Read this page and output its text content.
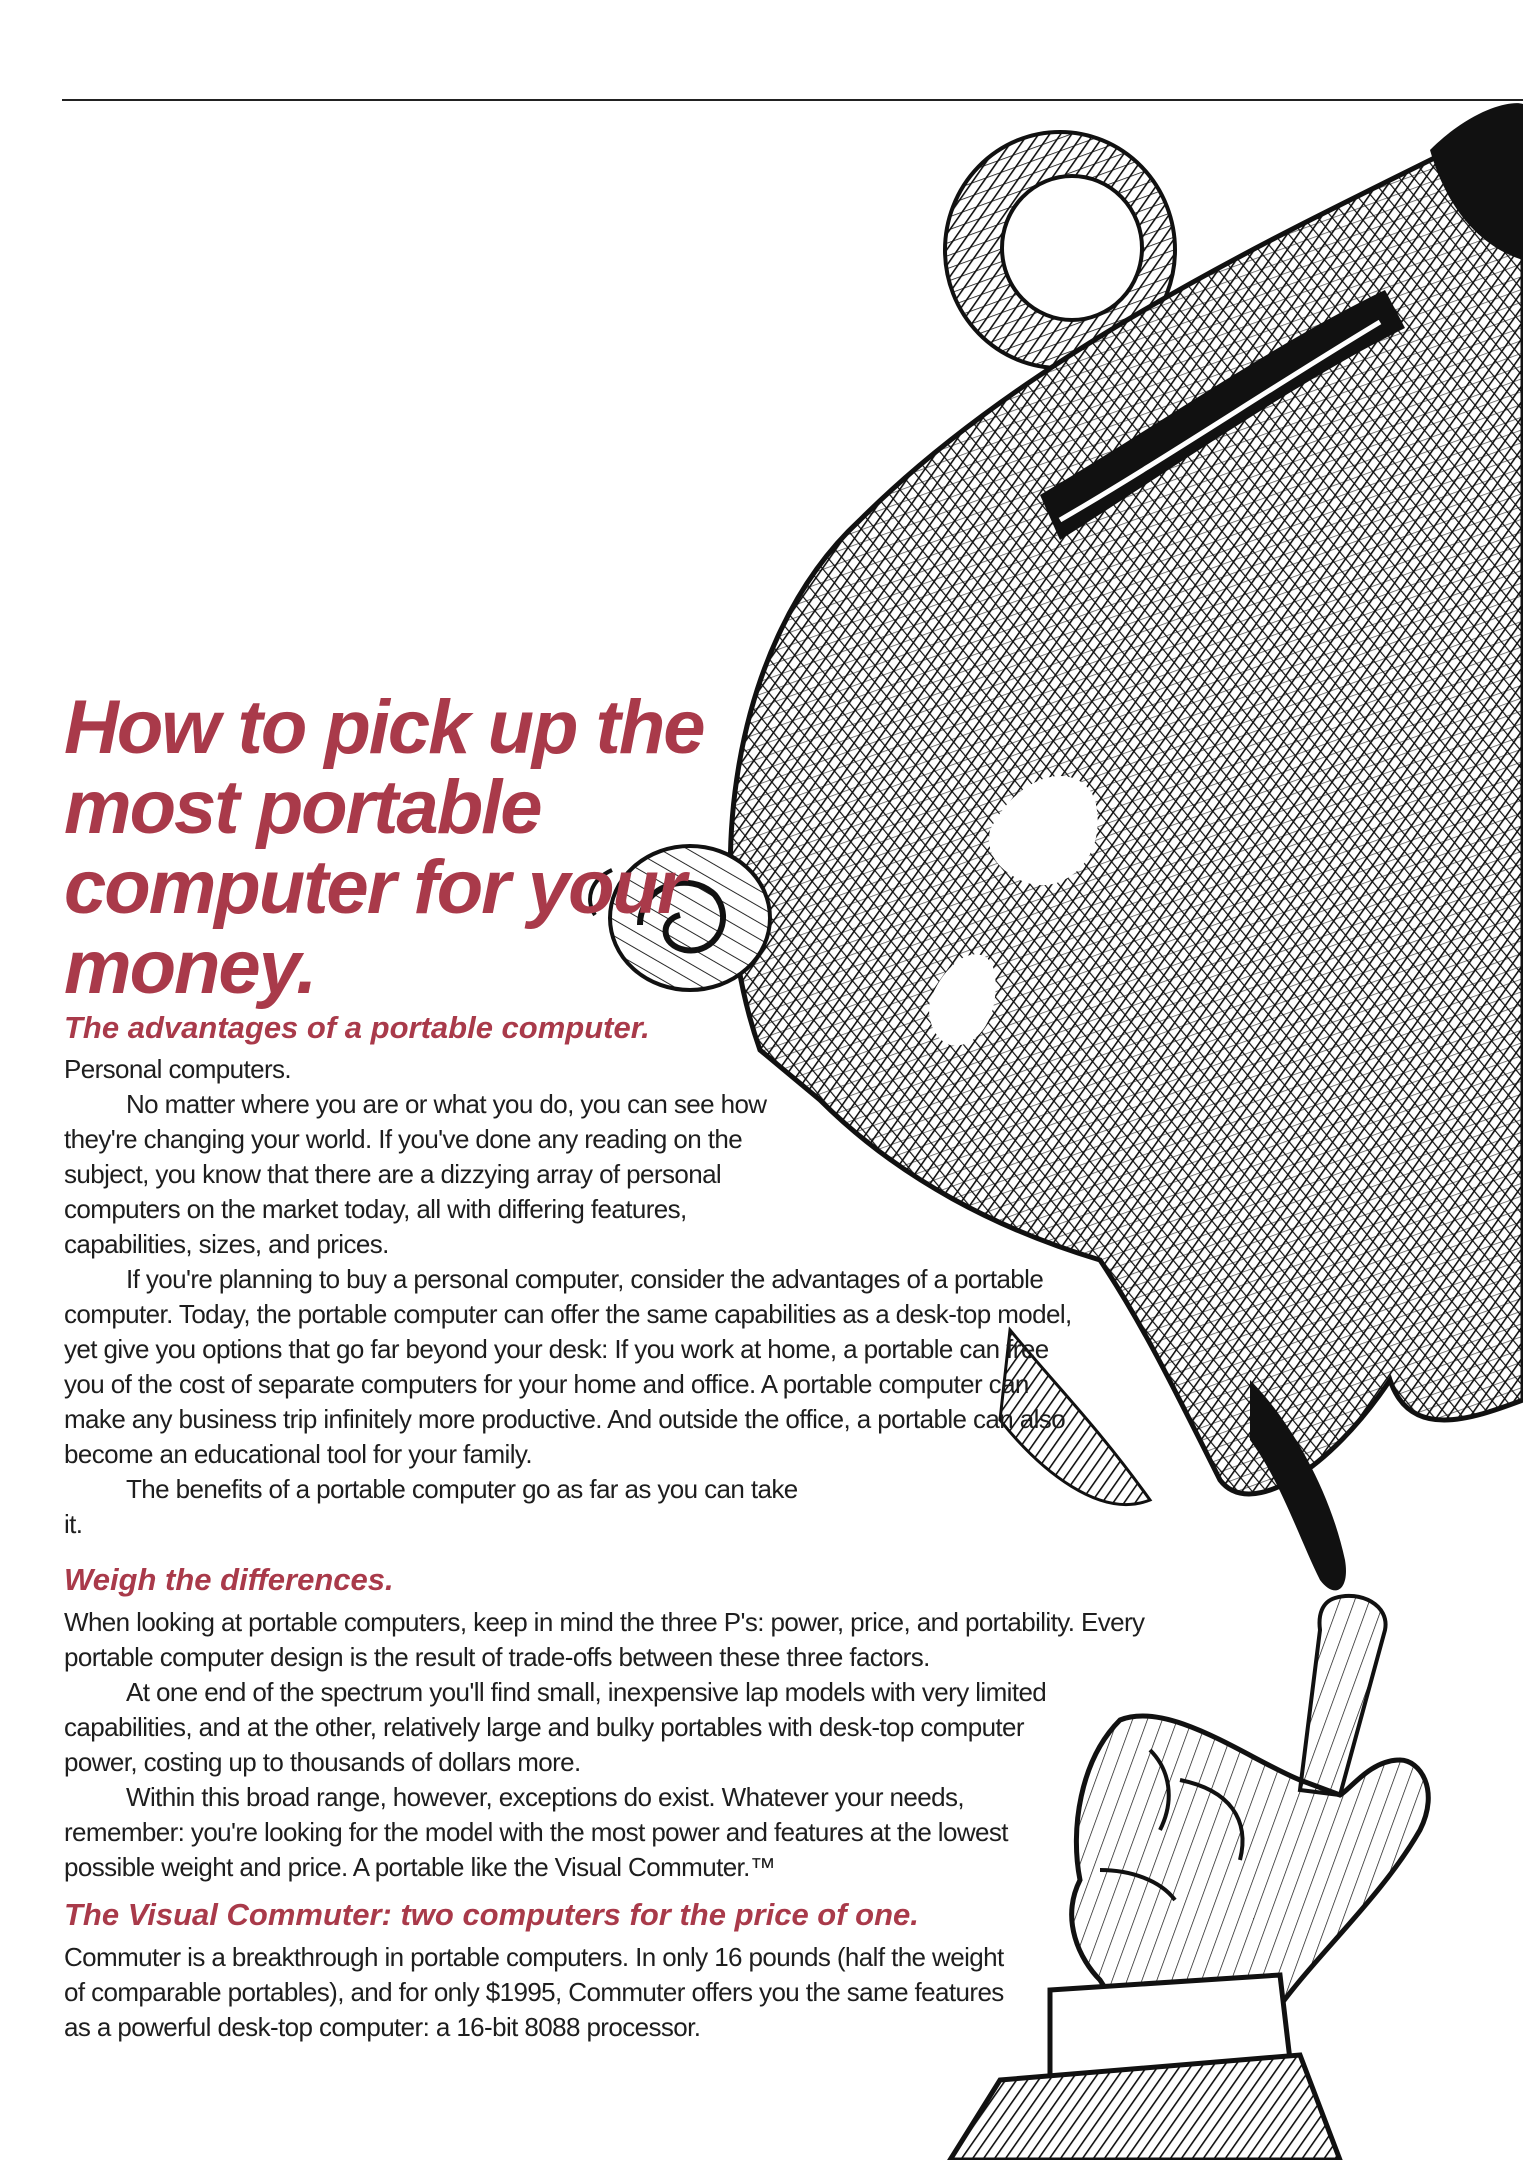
How to pick up the most portable computer for your money.
The advantages of a portable computer.

Personal computers.

No matter where you are or what you do, you can see how they're changing your world. If you've done any reading on the subject, you know that there are a dizzying array of personal computers on the market today, all with differing features, capabilities, sizes, and prices.

If you're planning to buy a personal computer, consider the advantages of a portable computer. Today, the portable computer can offer the same capabilities as a desk-top model, yet give you options that go far beyond your desk: If you work at home, a portable can free you of the cost of separate computers for your home and office. A portable computer can make any business trip infinitely more productive. And outside the office, a portable can also become an educational tool for your family.

The benefits of a portable computer go as far as you can take it.

Weigh the differences.

When looking at portable computers, keep in mind the three P's: power, price, and portability. Every portable computer design is the result of trade-offs between these three factors.

At one end of the spectrum you'll find small, inexpensive lap models with very limited capabilities, and at the other, relatively large and bulky portables with desk-top computer power, costing up to thousands of dollars more.

Within this broad range, however, exceptions do exist. Whatever your needs, remember: you're looking for the model with the most power and features at the lowest possible weight and price. A portable like the Visual Commuter.™

The Visual Commuter: two computers for the price of one.

Commuter is a breakthrough in portable computers. In only 16 pounds (half the weight of comparable portables), and for only $1995, Commuter offers you the same features as a powerful desk-top computer: a 16-bit 8088 processor.
